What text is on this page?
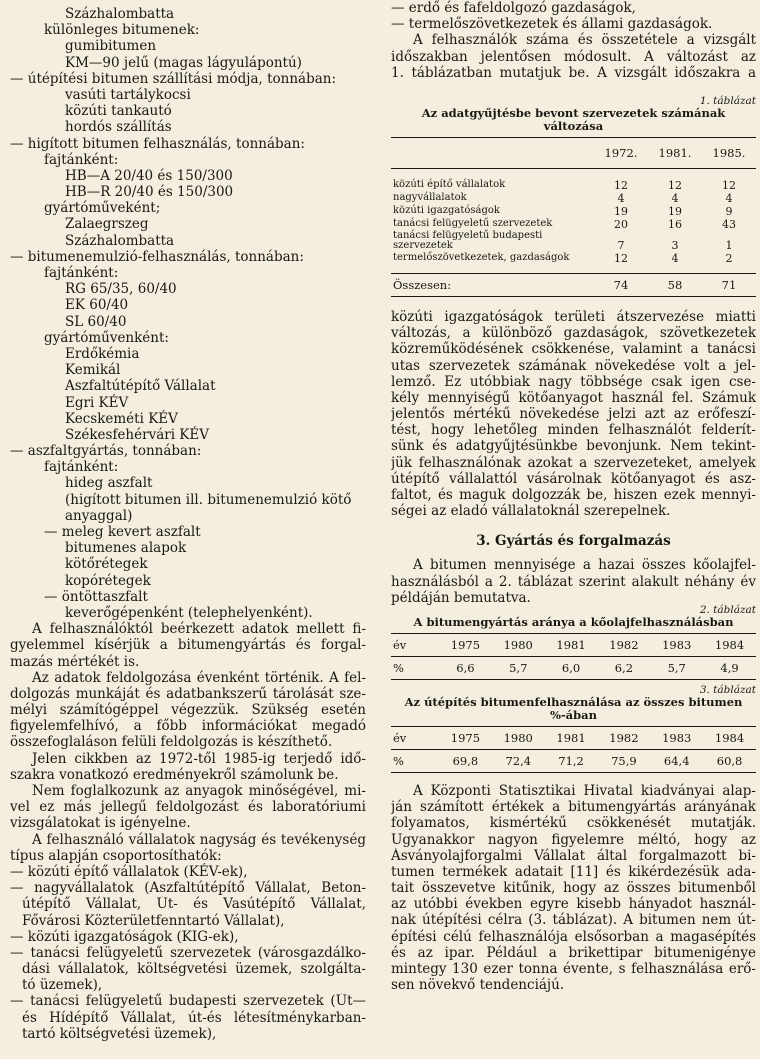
Százhalombatta
különleges bitumenek:
gumibitumen
KM—90 jelű (magas lágyulápontú)
— útépítési bitumen szállítási módja, tonnában:
vasúti tartálykocsi
közúti tankautó
hordós szállítás
— higított bitumen felhasználás, tonnában:
fajtánként:
HB—A 20/40 és 150/300
HB—R 20/40 és 150/300
gyártóműveként;
Zalaegrszeg
Százhalombatta
— bitumenemulzió-felhasználás, tonnában:
fajtánként:
RG 65/35, 60/40
EK 60/40
SL 60/40
gyártóművenként:
Erdőkémia
Kemikál
Aszfaltútépítő Vállalat
Egri KÉV
Kecskeméti KÉV
Székesfehérvári KÉV
— aszfaltgyártás, tonnában:
fajtánként:
hideg aszfalt
(higított bitumen ill. bitumenemulzió kötő
anyaggal)
— meleg kevert aszfalt
bitumenes alapok
kötőrétegek
kopórétegek
— öntöttaszfalt
keverőgépenként (telephelyenként).
A felhasználóktól beérkezett adatok mellett fi-
gyelemmel kísérjük a bitumengyártás és forgal-
mazás mértékét is.
Az adatok feldolgozása évenként történik. A fel-
dolgozás munkáját és adatbankszerű tárolását sze-
mélyi számítógéppel végezzük. Szükség esetén
figyelemfelhívó, a főbb információkat megadó
összefoglaláson felüli feldolgozás is készíthető.
Jelen cikkben az 1972-től 1985-ig terjedő idő-
szakra vonatkozó eredményekről számolunk be.
Nem foglalkozunk az anyagok minőségével, mi-
vel ez más jellegű feldolgozást és laboratóriumi
vizsgálatokat is igényelne.
A felhasználó vállalatok nagyság és tevékenység
típus alapján csoportosíthatók:
— közúti építő vállalatok (KÉV-ek),
— nagyvállalatok (Aszfaltútépítő Vállalat, Beton-
útépítő Vállalat, Út- és Vasútépítő Vállalat,
Fővárosi Közterületfenntartó Vállalat),
— közúti igazgatóságok (KIG-ek),
— tanácsi felügyeletű szervezetek (városgazdálko-
dási vállalatok, költségvetési üzemek, szolgálta-
tó üzemek),
— tanácsi felügyeletű budapesti szervezetek (Út—
és Hídépítő Vállalat, út-és létesítménykarban-
tartó költségvetési üzemek),
— erdő és fafeldolgozó gazdaságok,
— termelőszövetkezetek és állami gazdaságok.
A felhasználók száma és összetétele a vizsgált
időszakban jelentősen módosult. A változást az
1. táblázatban mutatjuk be. A vizsgált időszakra a
1. táblázat
Az adatgyűjtésbe bevont szervezetek számának
változása
	1972.	1981.	1985.
közúti építő vállalatok	12	12	12
nagyvállalatok	4	4	4
közúti igazgatóságok	19	19	9
tanácsi felügyeletű szervezetek	20	16	43
tanácsi felügyeletű budapesti szervezetek	7	3	1
termelőszövetkezetek, gazdaságok	12	4	2
Összesen:	74	58	71
közúti igazgatóságok területi átszervezése miatti
változás, a különböző gazdaságok, szövetkezetek
közreműködésének csökkenése, valamint a tanácsi
utas szervezetek számának növekedése volt a jel-
lemző. Ez utóbbiak nagy többsége csak igen cse-
kély mennyiségű kötőanyagot használ fel. Számuk
jelentős mértékű növekedése jelzi azt az erőfeszí-
tést, hogy lehetőleg minden felhasználót felderít-
sünk és adatgyűjtésünkbe bevonjunk. Nem tekint-
jük felhasználónak azokat a szervezeteket, amelyek
útépítő vállalattól vásárolnak kötőanyagot és asz-
faltot, és maguk dolgozzák be, hiszen ezek mennyi-
ségei az eladó vállalatoknál szerepelnek.
3. Gyártás és forgalmazás
A bitumen mennyisége a hazai összes kőolajfel-
használásból a 2. táblázat szerint alakult néhány év
példáján bemutatva.
2. táblázat
A bitumengyártás aránya a kőolajfelhasználásban
év	1975	1980	1981	1982	1983	1984
%	6,6	5,7	6,0	6,2	5,7	4,9
3. táblázat
Az útépítés bitumenfelhasználása az összes bitumen
%-ában
év	1975	1980	1981	1982	1983	1984
%	69,8	72,4	71,2	75,9	64,4	60,8
A Központi Statisztikai Hivatal kiadványai alap-
ján számított értékek a bitumengyártás arányának
folyamatos, kismértékű csökkenését mutatják.
Ugyanakkor nagyon figyelemre méltó, hogy az
Ásványolajforgalmi Vállalat által forgalmazott bi-
tumen termékek adatait [11] és kikérdezésük ada-
tait összevetve kitűnik, hogy az összes bitumenből
az utóbbi években egyre kisebb hányadot használ-
nak útépítési célra (3. táblázat). A bitumen nem út-
építési célú felhasználója elsősorban a magasépítés
és az ipar. Például a brikettipar bitumenigénye
mintegy 130 ezer tonna évente, s felhasználása erő-
sen növekvő tendenciájú.
